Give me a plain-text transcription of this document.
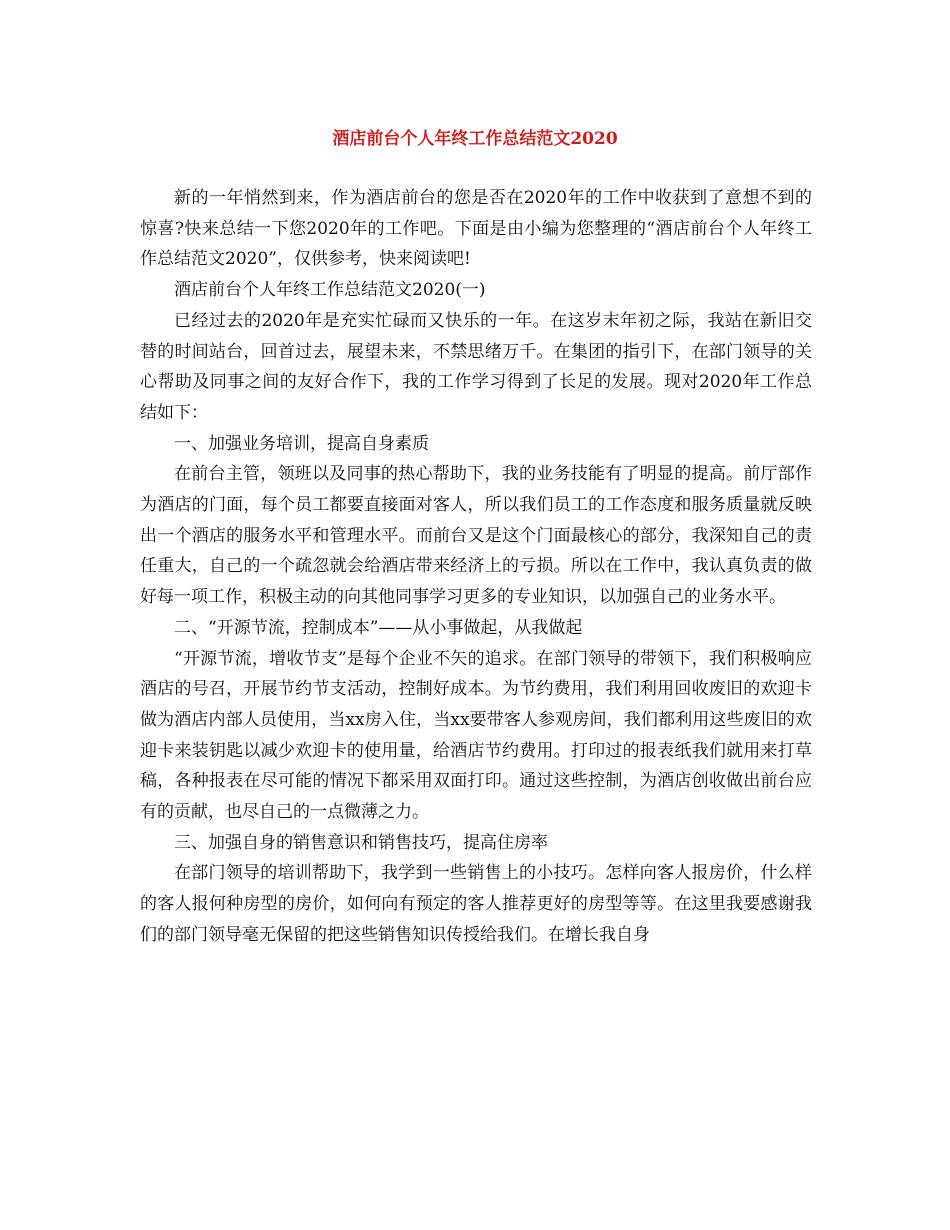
酒店前台个人年终工作总结范文2020

新的一年悄然到来，作为酒店前台的您是否在2020年的工作中收获到了意想不到的惊喜?快来总结一下您2020年的工作吧。下面是由小编为您整理的“酒店前台个人年终工作总结范文2020”，仅供参考，快来阅读吧!

酒店前台个人年终工作总结范文2020(一)

已经过去的2020年是充实忙碌而又快乐的一年。在这岁末年初之际，我站在新旧交替的时间站台，回首过去，展望未来，不禁思绪万千。在集团的指引下，在部门领导的关心帮助及同事之间的友好合作下，我的工作学习得到了长足的发展。现对2020年工作总结如下：

一、加强业务培训，提高自身素质

在前台主管，领班以及同事的热心帮助下，我的业务技能有了明显的提高。前厅部作为酒店的门面，每个员工都要直接面对客人，所以我们员工的工作态度和服务质量就反映出一个酒店的服务水平和管理水平。而前台又是这个门面最核心的部分，我深知自己的责任重大，自己的一个疏忽就会给酒店带来经济上的亏损。所以在工作中，我认真负责的做好每一项工作，积极主动的向其他同事学习更多的专业知识，以加强自己的业务水平。

二、“开源节流，控制成本”——从小事做起，从我做起

“开源节流，增收节支”是每个企业不矢的追求。在部门领导的带领下，我们积极响应酒店的号召，开展节约节支活动，控制好成本。为节约费用，我们利用回收废旧的欢迎卡做为酒店内部人员使用，当xx房入住，当xx要带客人参观房间，我们都利用这些废旧的欢迎卡来装钥匙以减少欢迎卡的使用量，给酒店节约费用。打印过的报表纸我们就用来打草稿，各种报表在尽可能的情况下都采用双面打印。通过这些控制，为酒店创收做出前台应有的贡献，也尽自己的一点微薄之力。

三、加强自身的销售意识和销售技巧，提高住房率

在部门领导的培训帮助下，我学到一些销售上的小技巧。怎样向客人报房价，什么样的客人报何种房型的房价，如何向有预定的客人推荐更好的房型等等。在这里我要感谢我们的部门领导毫无保留的把这些销售知识传授给我们。在增长我自身
